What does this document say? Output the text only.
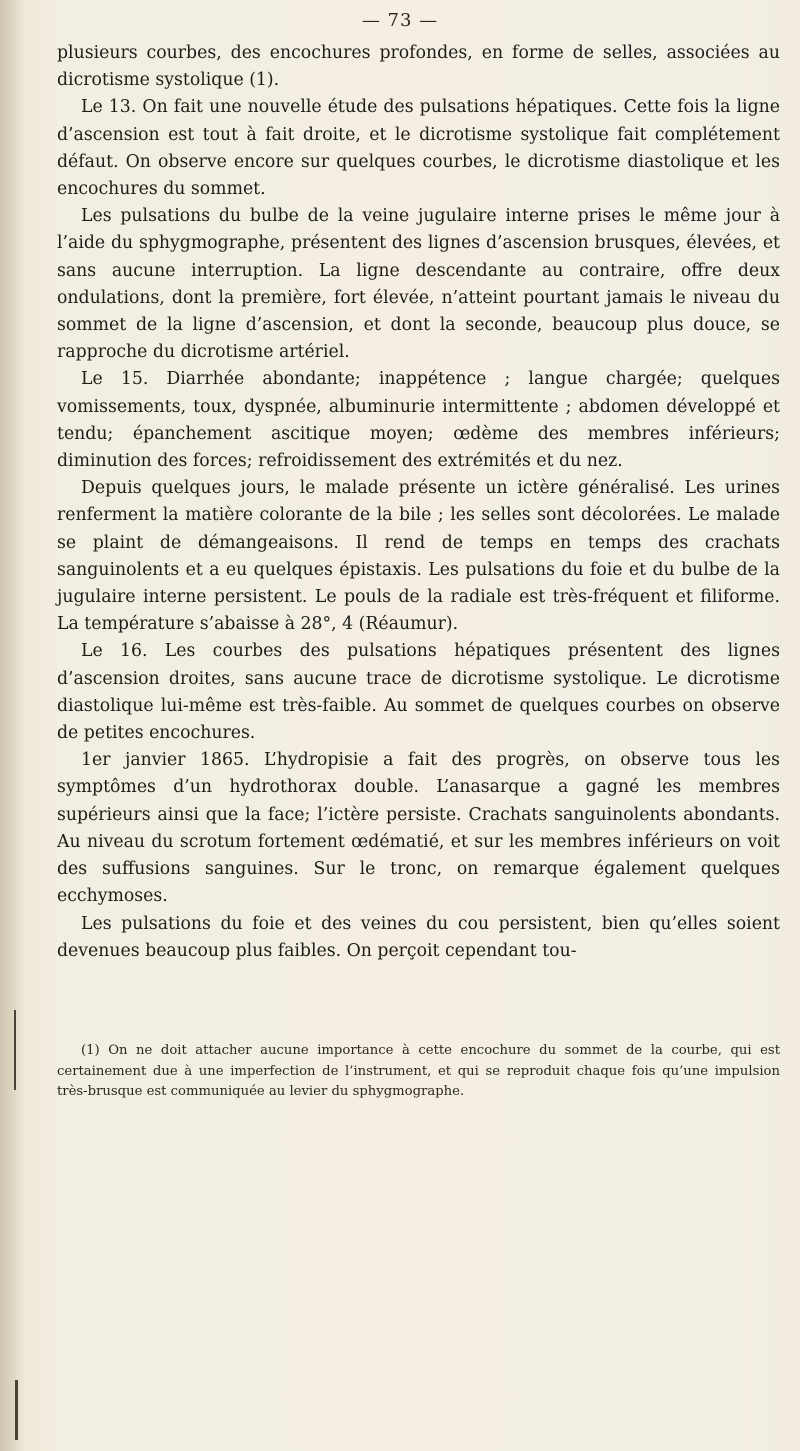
— 73 —

plusieurs courbes, des encochures profondes, en forme de selles, associées au dicrotisme systolique (1).

Le 13. On fait une nouvelle étude des pulsations hépatiques. Cette fois la ligne d’ascension est tout à fait droite, et le dicrotisme systolique fait complétement défaut. On observe encore sur quelques courbes, le dicrotisme diastolique et les encochures du sommet.

Les pulsations du bulbe de la veine jugulaire interne prises le même jour à l’aide du sphygmographe, présentent des lignes d’ascension brusques, élevées, et sans aucune interruption. La ligne descendante au contraire, offre deux ondulations, dont la première, fort élevée, n’atteint pourtant jamais le niveau du sommet de la ligne d’ascension, et dont la seconde, beaucoup plus douce, se rapproche du dicrotisme artériel.

Le 15. Diarrhée abondante; inappétence ; langue chargée; quelques vomissements, toux, dyspnée, albuminurie intermittente ; abdomen développé et tendu; épanchement ascitique moyen; œdème des membres inférieurs; diminution des forces; refroidissement des extrémités et du nez.

Depuis quelques jours, le malade présente un ictère généralisé. Les urines renferment la matière colorante de la bile ; les selles sont décolorées. Le malade se plaint de démangeaisons. Il rend de temps en temps des crachats sanguinolents et a eu quelques épistaxis. Les pulsations du foie et du bulbe de la jugulaire interne persistent. Le pouls de la radiale est très-fréquent et filiforme. La température s’abaisse à 28°, 4 (Réaumur).

Le 16. Les courbes des pulsations hépatiques présentent des lignes d’ascension droites, sans aucune trace de dicrotisme systolique. Le dicrotisme diastolique lui-même est très-faible. Au sommet de quelques courbes on observe de petites encochures.

1er janvier 1865. L’hydropisie a fait des progrès, on observe tous les symptômes d’un hydrothorax double. L’anasarque a gagné les membres supérieurs ainsi que la face; l’ictère persiste. Crachats sanguinolents abondants. Au niveau du scrotum fortement œdématié, et sur les membres inférieurs on voit des suffusions sanguines. Sur le tronc, on remarque également quelques ecchymoses.

Les pulsations du foie et des veines du cou persistent, bien qu’elles soient devenues beaucoup plus faibles. On perçoit cependant tou-

(1) On ne doit attacher aucune importance à cette encochure du sommet de la courbe, qui est certainement due à une imperfection de l’instrument, et qui se reproduit chaque fois qu’une impulsion très-brusque est communiquée au levier du sphygmographe.
